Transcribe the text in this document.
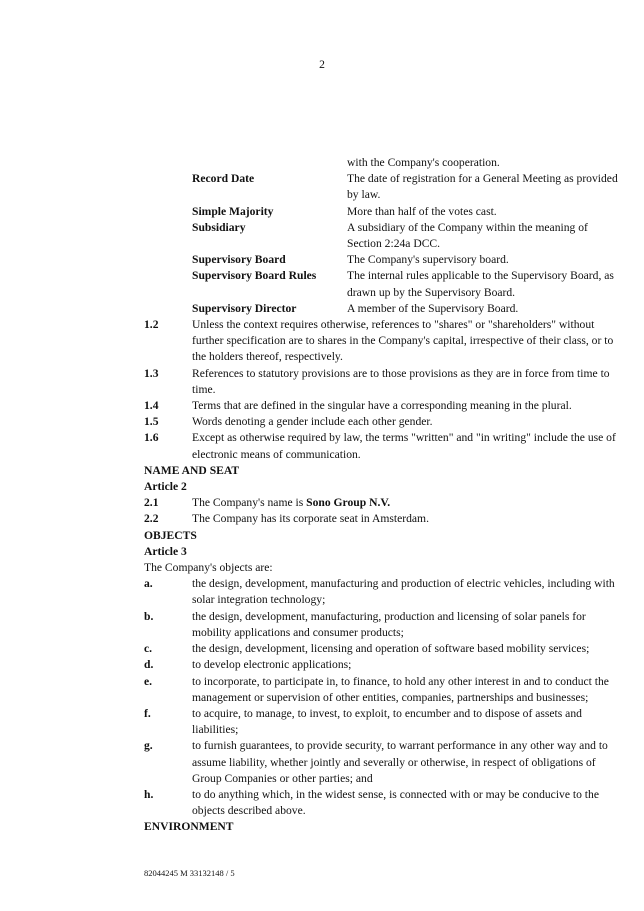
2
with the Company's cooperation.
Record Date	The date of registration for a General Meeting as provided by law.
Simple Majority	More than half of the votes cast.
Subsidiary	A subsidiary of the Company within the meaning of Section 2:24a DCC.
Supervisory Board	The Company's supervisory board.
Supervisory Board Rules	The internal rules applicable to the Supervisory Board, as drawn up by the Supervisory Board.
Supervisory Director	A member of the Supervisory Board.
1.2	Unless the context requires otherwise, references to "shares" or "shareholders" without further specification are to shares in the Company's capital, irrespective of their class, or to the holders thereof, respectively.
1.3	References to statutory provisions are to those provisions as they are in force from time to time.
1.4	Terms that are defined in the singular have a corresponding meaning in the plural.
1.5	Words denoting a gender include each other gender.
1.6	Except as otherwise required by law, the terms "written" and "in writing" include the use of electronic means of communication.
NAME AND SEAT
Article 2
2.1	The Company's name is Sono Group N.V.
2.2	The Company has its corporate seat in Amsterdam.
OBJECTS
Article 3
The Company's objects are:
a.	the design, development, manufacturing and production of electric vehicles, including with solar integration technology;
b.	the design, development, manufacturing, production and licensing of solar panels for mobility applications and consumer products;
c.	the design, development, licensing and operation of software based mobility services;
d.	to develop electronic applications;
e.	to incorporate, to participate in, to finance, to hold any other interest in and to conduct the management or supervision of other entities, companies, partnerships and businesses;
f.	to acquire, to manage, to invest, to exploit, to encumber and to dispose of assets and liabilities;
g.	to furnish guarantees, to provide security, to warrant performance in any other way and to assume liability, whether jointly and severally or otherwise, in respect of obligations of Group Companies or other parties; and
h.	to do anything which, in the widest sense, is connected with or may be conducive to the objects described above.
ENVIRONMENT
82044245 M 33132148 / 5
